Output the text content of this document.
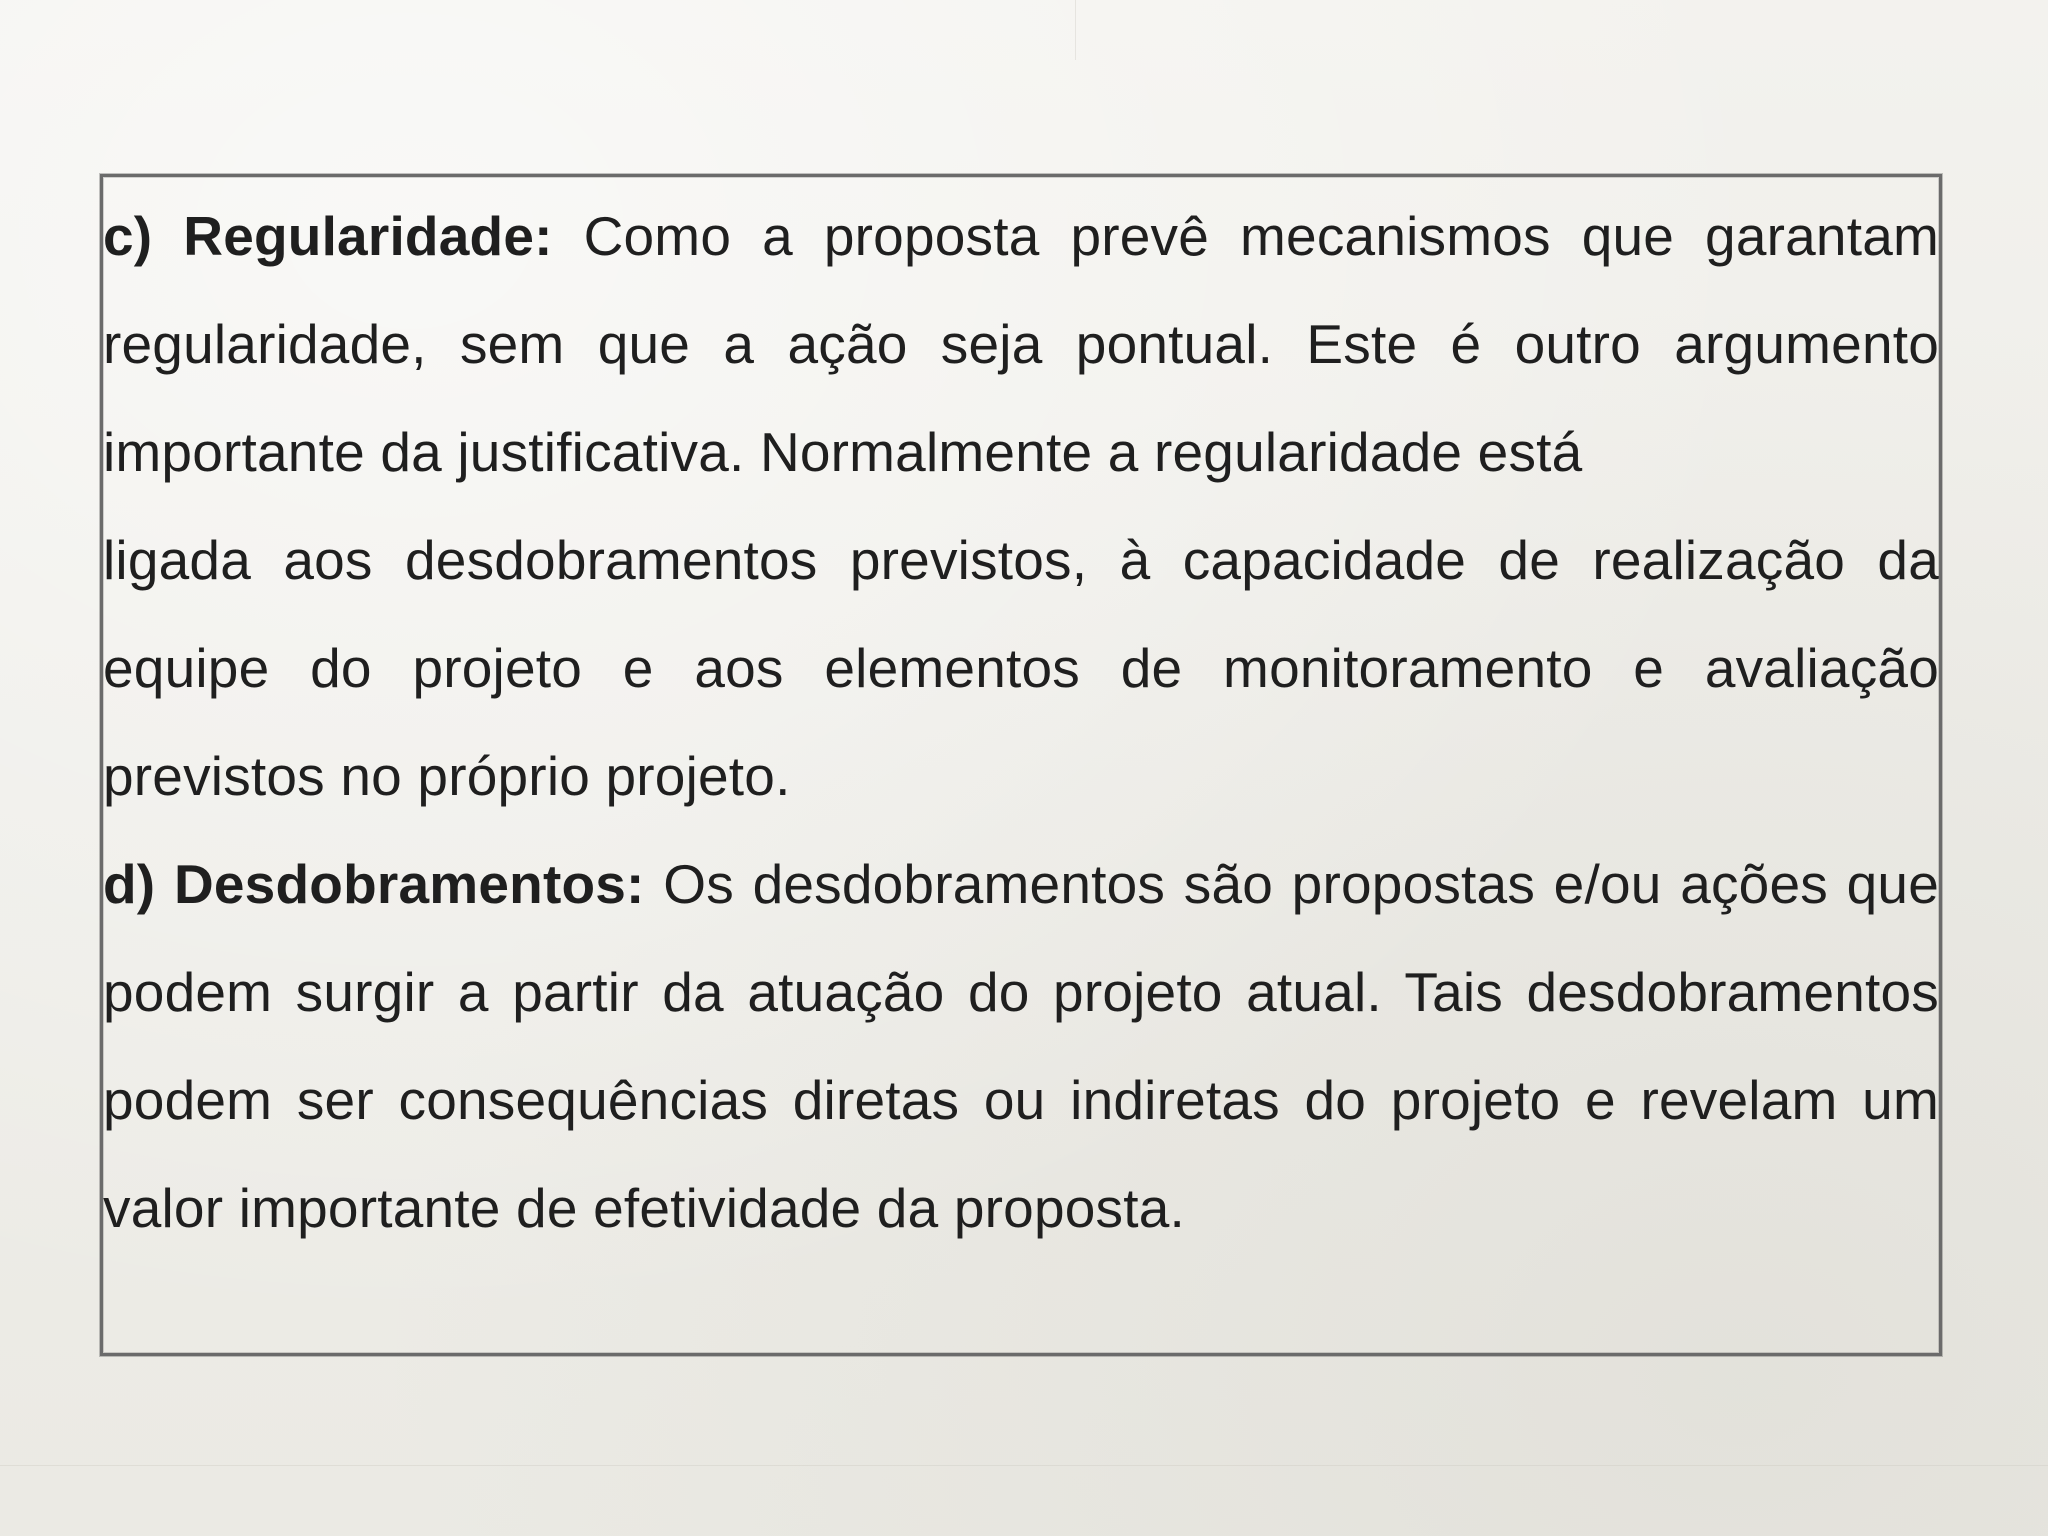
c) Regularidade: Como a proposta prevê mecanismos que garantam regularidade, sem que a ação seja pontual. Este é outro argumento importante da justificativa. Normalmente a regularidade está

ligada aos desdobramentos previstos, à capacidade de realização da equipe do projeto e aos elementos de monitoramento e avaliação previstos no próprio projeto.

d) Desdobramentos: Os desdobramentos são propostas e/ou ações que podem surgir a partir da atuação do projeto atual. Tais desdobramentos podem ser consequências diretas ou indiretas do projeto e revelam um valor importante de efetividade da proposta.
